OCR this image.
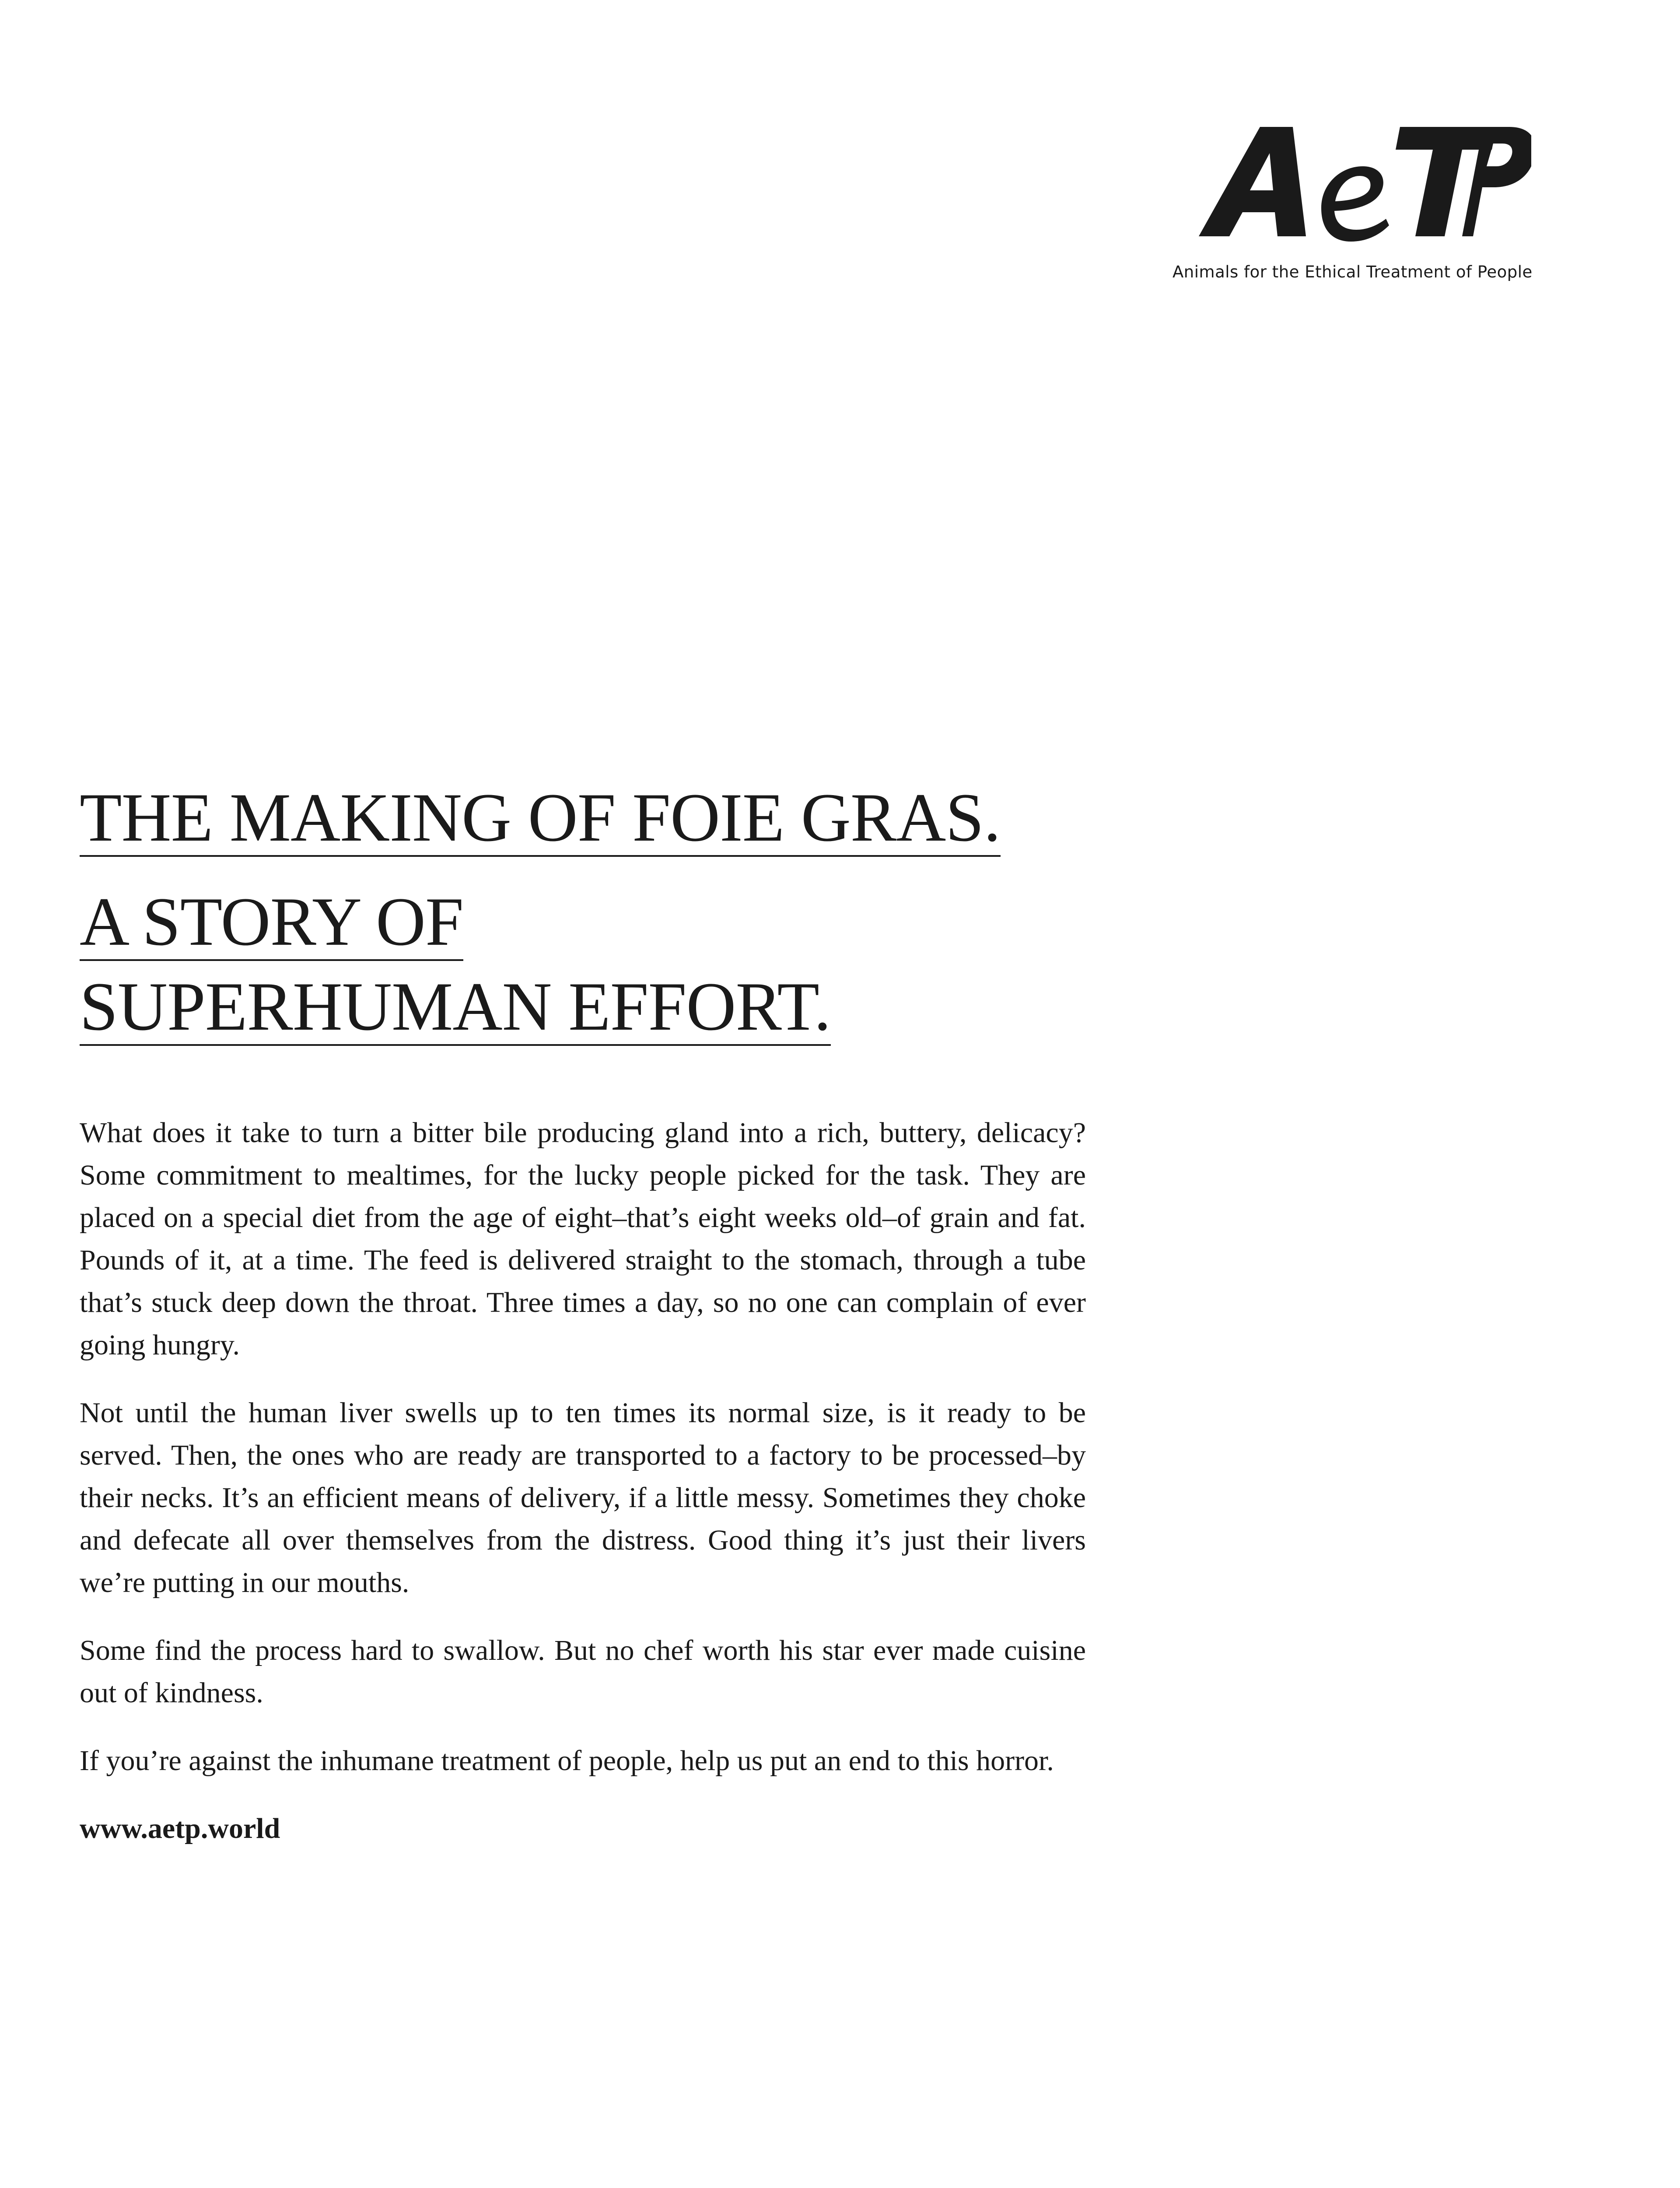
Animals for the Ethical Treatment of People
THE MAKING OF FOIE GRAS.
A STORY OF
SUPERHUMAN EFFORT.

What does it take to turn a bitter bile producing gland into a rich, buttery, delicacy? Some commitment to mealtimes, for the lucky people picked for the task. They are placed on a special diet from the age of eight–that’s eight weeks old–of grain and fat. Pounds of it, at a time. The feed is delivered straight to the stomach, through a tube that’s stuck deep down the throat. Three times a day, so no one can complain of ever going hungry.

Not until the human liver swells up to ten times its normal size, is it ready to be served. Then, the ones who are ready are transported to a factory to be processed–by their necks. It’s an efficient means of delivery, if a little messy. Sometimes they choke and defecate all over themselves from the distress. Good thing it’s just their livers we’re putting in our mouths.

Some find the process hard to swallow. But no chef worth his star ever made cuisine out of kindness.

If you’re against the inhumane treatment of people, help us put an end to this horror.

www.aetp.world
